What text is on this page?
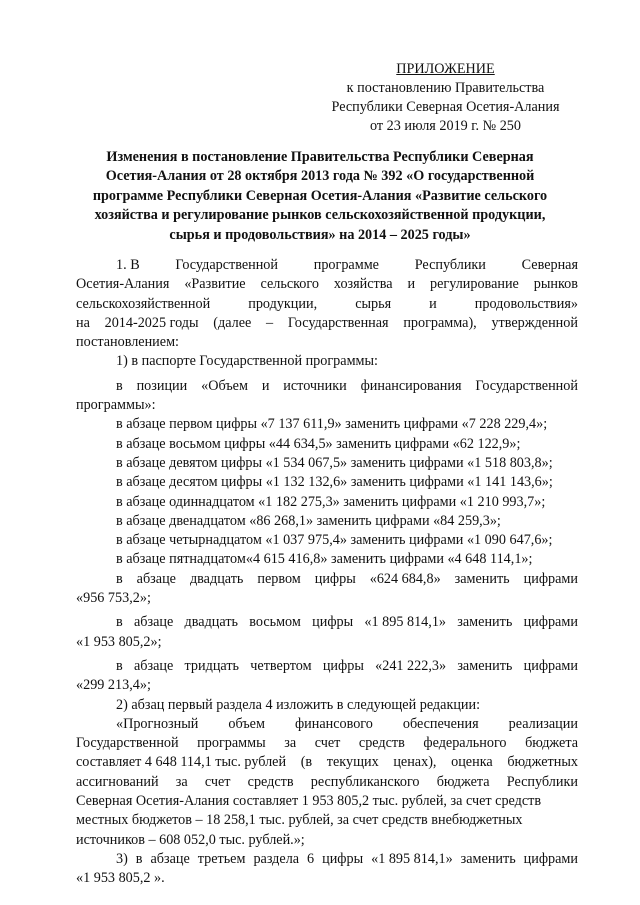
ПРИЛОЖЕНИЕ
к постановлению Правительства
Республики Северная Осетия-Алания
от 23 июля 2019 г. № 250
Изменения в постановление Правительства Республики Северная
Осетия-Алания от 28 октября 2013 года № 392 «О государственной
программе Республики Северная Осетия-Алания «Развитие сельского
хозяйства и регулирование рынков сельскохозяйственной продукции,
сырья и продовольствия» на 2014 – 2025 годы»
1. В	Государственной	программе	Республики	Северная
Осетия-Алания «Развитие сельского хозяйства и регулирование рынков
сельскохозяйственной	продукции,	сырья	и	продовольствия»
на 2014-2025 годы (далее – Государственная программа), утвержденной
постановлением:
1) в паспорте Государственной программы:
в позиции «Объем и источники финансирования Государственной
программы»:
в абзаце первом цифры «7 137 611,9» заменить цифрами «7 228 229,4»;
в абзаце восьмом цифры «44 634,5» заменить цифрами «62 122,9»;
в абзаце девятом цифры «1 534 067,5» заменить цифрами «1 518 803,8»;
в абзаце десятом цифры «1 132 132,6» заменить цифрами «1 141 143,6»;
в абзаце одиннадцатом «1 182 275,3» заменить цифрами «1 210 993,7»;
в абзаце двенадцатом «86 268,1» заменить цифрами «84 259,3»;
в абзаце четырнадцатом «1 037 975,4» заменить цифрами «1 090 647,6»;
в абзаце пятнадцатом«4 615 416,8» заменить цифрами «4 648 114,1»;
в абзаце двадцать первом цифры «624 684,8» заменить цифрами
«956 753,2»;
в абзаце двадцать восьмом цифры «1 895 814,1» заменить цифрами
«1 953 805,2»;
в абзаце тридцать четвертом цифры «241 222,3» заменить цифрами
«299 213,4»;
2) абзац первый раздела 4 изложить в следующей редакции:
«Прогнозный объем финансового обеспечения реализации
Государственной программы за счет средств федерального бюджета
составляет 4 648 114,1 тыс. рублей (в текущих ценах), оценка бюджетных
ассигнований за счет средств республиканского бюджета Республики
Северная Осетия-Алания составляет 1 953 805,2 тыс. рублей, за счет средств
местных бюджетов – 18 258,1 тыс. рублей, за счет средств внебюджетных
источников – 608 052,0 тыс. рублей.»;
3) в абзаце третьем раздела 6 цифры «1 895 814,1» заменить цифрами
«1 953 805,2 ».
